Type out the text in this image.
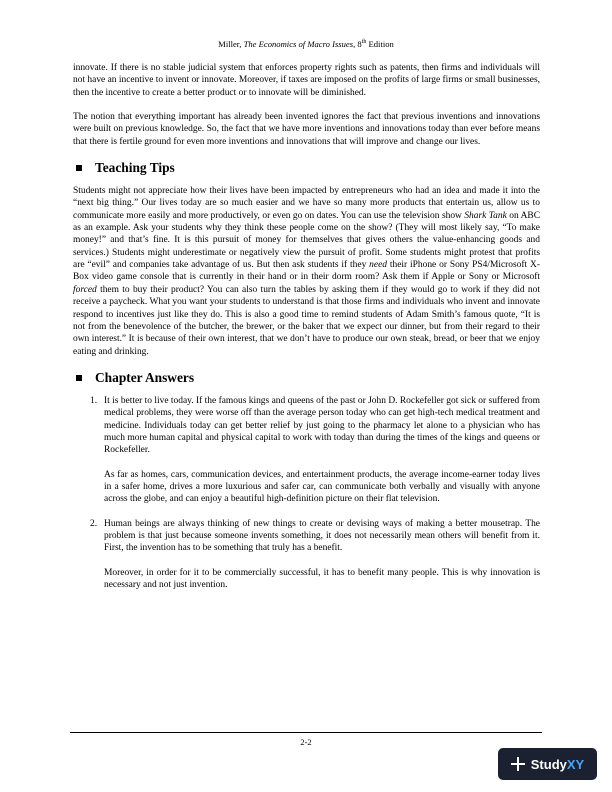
Miller, The Economics of Macro Issues, 8th Edition

innovate. If there is no stable judicial system that enforces property rights such as patents, then firms and individuals will not have an incentive to invent or innovate. Moreover, if taxes are imposed on the profits of large firms or small businesses, then the incentive to create a better product or to innovate will be diminished.

The notion that everything important has already been invented ignores the fact that previous inventions and innovations were built on previous knowledge. So, the fact that we have more inventions and innovations today than ever before means that there is fertile ground for even more inventions and innovations that will improve and change our lives.

Teaching Tips

Students might not appreciate how their lives have been impacted by entrepreneurs who had an idea and made it into the “next big thing.” Our lives today are so much easier and we have so many more products that entertain us, allow us to communicate more easily and more productively, or even go on dates. You can use the television show Shark Tank on ABC as an example. Ask your students why they think these people come on the show? (They will most likely say, “To make money!” and that’s fine. It is this pursuit of money for themselves that gives others the value-enhancing goods and services.) Students might underestimate or negatively view the pursuit of profit. Some students might protest that profits are “evil” and companies take advantage of us. But then ask students if they need their iPhone or Sony PS4/Microsoft X-Box video game console that is currently in their hand or in their dorm room? Ask them if Apple or Sony or Microsoft forced them to buy their product? You can also turn the tables by asking them if they would go to work if they did not receive a paycheck. What you want your students to understand is that those firms and individuals who invent and innovate respond to incentives just like they do. This is also a good time to remind students of Adam Smith’s famous quote, “It is not from the benevolence of the butcher, the brewer, or the baker that we expect our dinner, but from their regard to their own interest.” It is because of their own interest, that we don’t have to produce our own steak, bread, or beer that we enjoy eating and drinking.

Chapter Answers
1. It is better to live today. If the famous kings and queens of the past or John D. Rockefeller got sick or suffered from medical problems, they were worse off than the average person today who can get high-tech medical treatment and medicine. Individuals today can get better relief by just going to the pharmacy let alone to a physician who has much more human capital and physical capital to work with today than during the times of the kings and queens or Rockefeller.

As far as homes, cars, communication devices, and entertainment products, the average income-earner today lives in a safer home, drives a more luxurious and safer car, can communicate both verbally and visually with anyone across the globe, and can enjoy a beautiful high-definition picture on their flat television.

2. Human beings are always thinking of new things to create or devising ways of making a better mousetrap. The problem is that just because someone invents something, it does not necessarily mean others will benefit from it. First, the invention has to be something that truly has a benefit.

Moreover, in order for it to be commercially successful, it has to benefit many people. This is why innovation is necessary and not just invention.

2-2
Study XY
